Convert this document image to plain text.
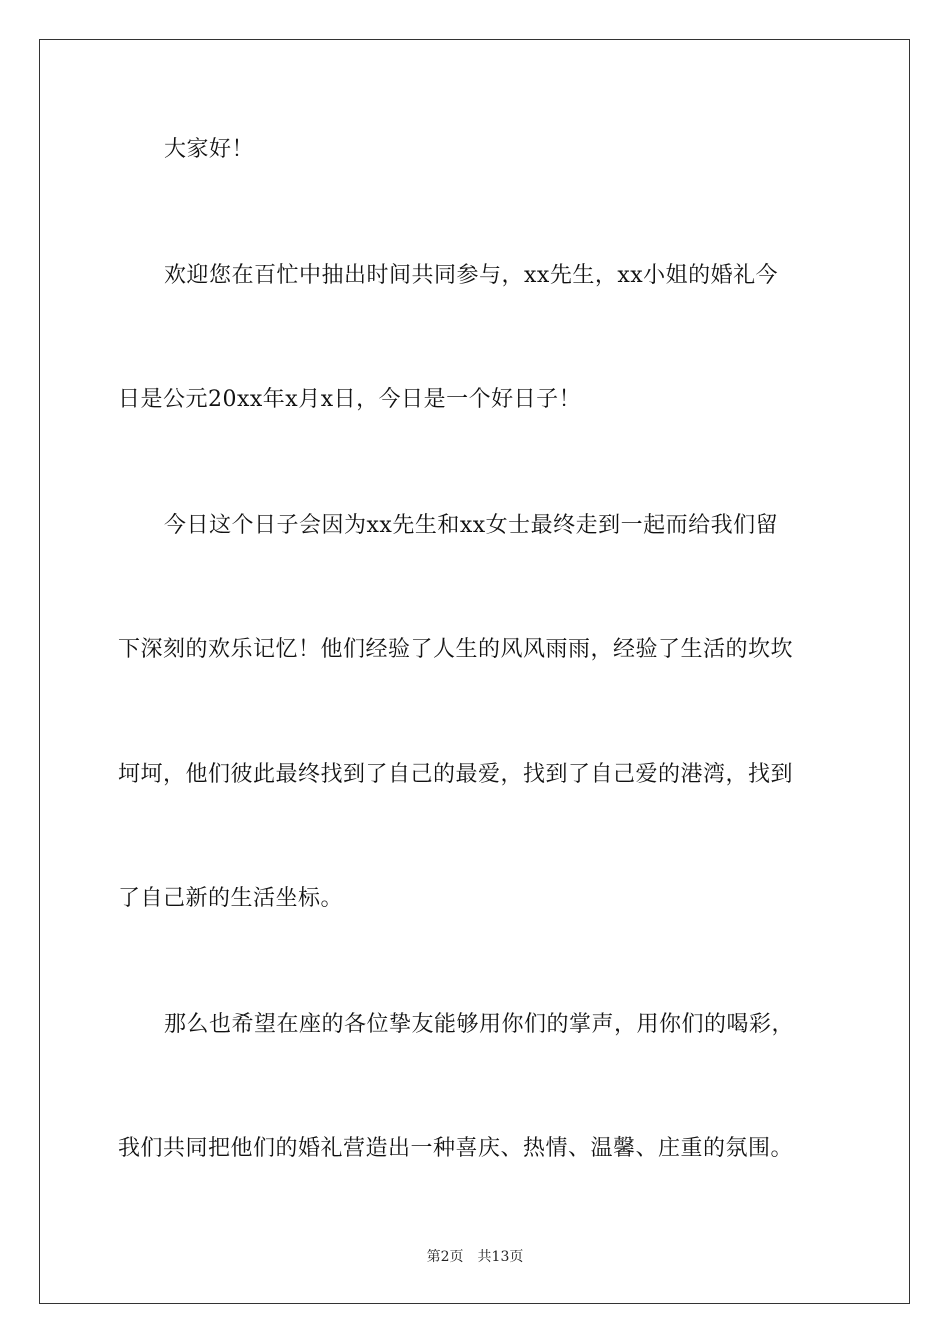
大家好！
欢迎您在百忙中抽出时间共同参与，xx先生，xx小姐的婚礼今
日是公元20xx年x月x日，今日是一个好日子！
今日这个日子会因为xx先生和xx女士最终走到一起而给我们留
下深刻的欢乐记忆！他们经验了人生的风风雨雨，经验了生活的坎坎
坷坷，他们彼此最终找到了自己的最爱，找到了自己爱的港湾，找到
了自己新的生活坐标。
那么也希望在座的各位挚友能够用你们的掌声，用你们的喝彩，
我们共同把他们的婚礼营造出一种喜庆、热情、温馨、庄重的氛围。
第2页 共13页
